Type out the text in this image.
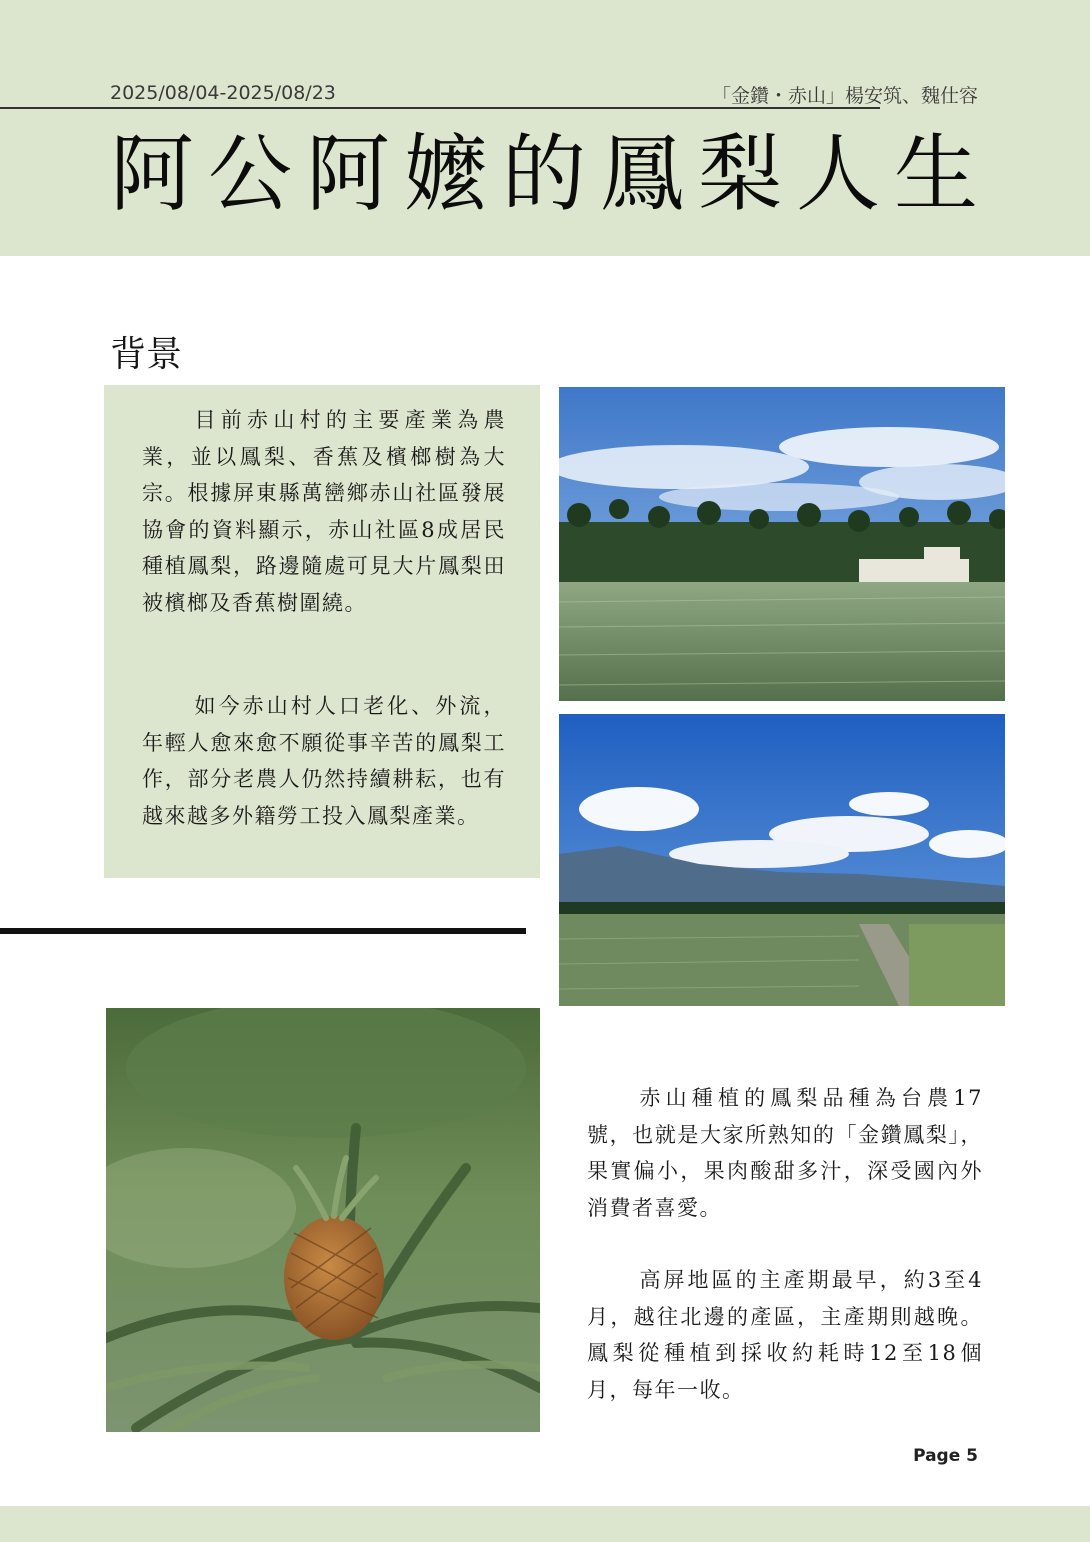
2025/08/04-2025/08/23	「金鑽・赤山」楊安筑、魏仕容
阿公阿嬤的鳳梨人生
背景

目前赤山村的主要產業為農業，並以鳳梨、香蕉及檳榔樹為大宗。根據屏東縣萬巒鄉赤山社區發展協會的資料顯示，赤山社區8成居民種植鳳梨，路邊隨處可見大片鳳梨田被檳榔及香蕉樹圍繞。

如今赤山村人口老化、外流，年輕人愈來愈不願從事辛苦的鳳梨工作，部分老農人仍然持續耕耘，也有越來越多外籍勞工投入鳳梨產業。

赤山種植的鳳梨品種為台農17號，也就是大家所熟知的「金鑽鳳梨」，果實偏小，果肉酸甜多汁，深受國內外消費者喜愛。

高屏地區的主產期最早，約3至4月，越往北邊的產區，主產期則越晚。鳳梨從種植到採收約耗時12至18個月，每年一收。

Page 5
